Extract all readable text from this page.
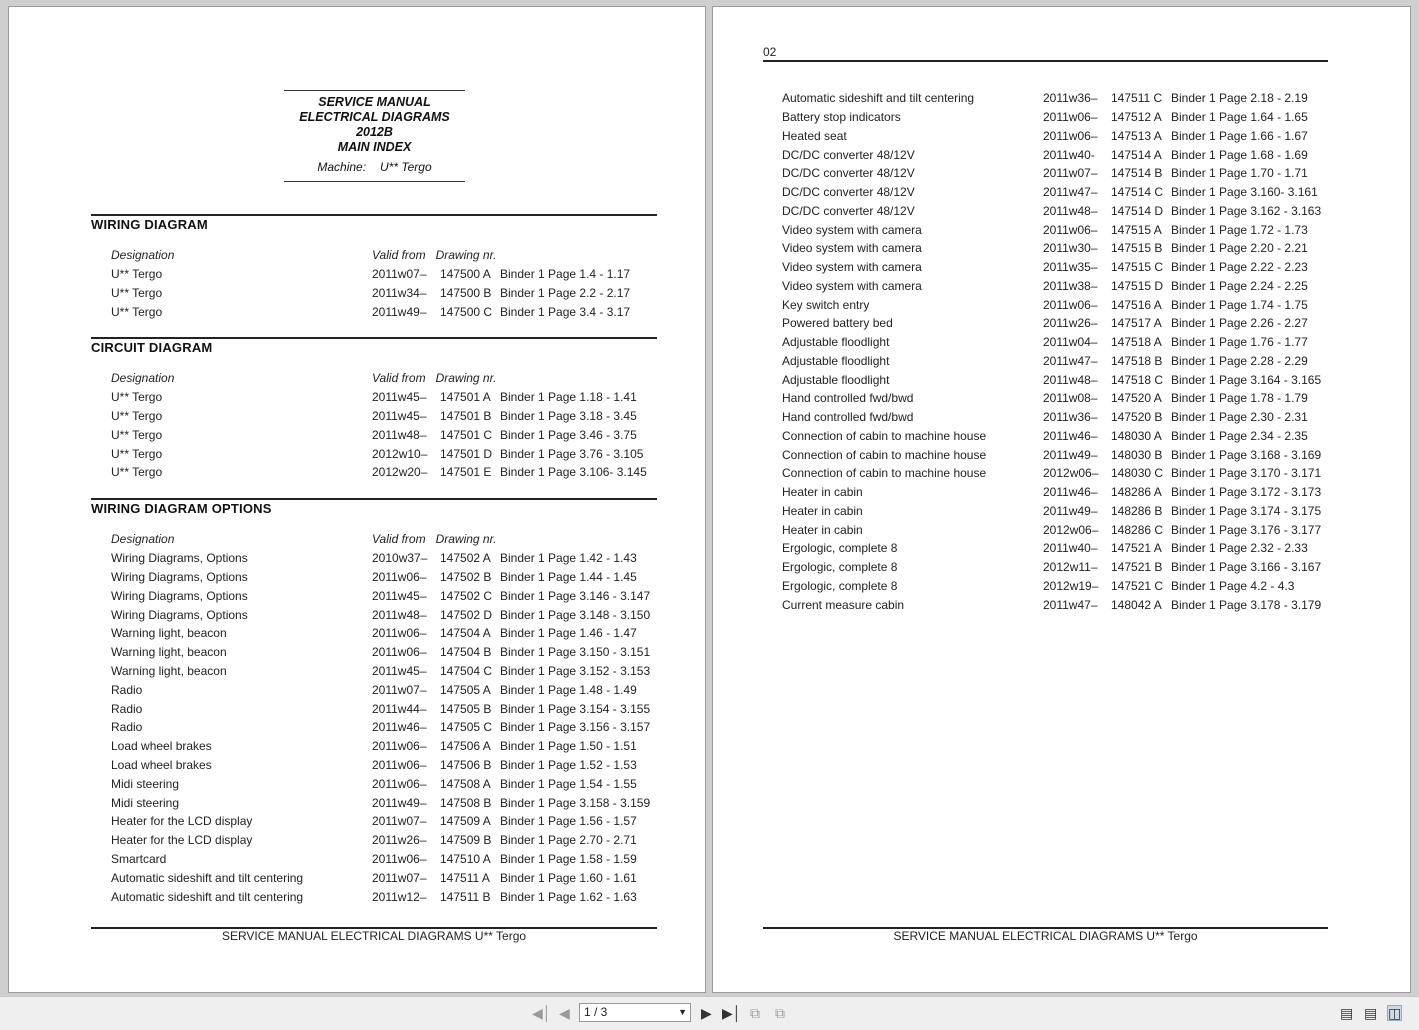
SERVICE MANUAL
ELECTRICAL DIAGRAMS
2012B
MAIN INDEX
Machine: U** Tergo
WIRING DIAGRAM
Designation	Valid from Drawing nr.		
U** Tergo	2011w07–	147500 A	Binder 1 Page 1.4 - 1.17
U** Tergo	2011w34–	147500 B	Binder 1 Page 2.2 - 2.17
U** Tergo	2011w49–	147500 C	Binder 1 Page 3.4 - 3.17
CIRCUIT DIAGRAM
Designation	Valid from Drawing nr.		
U** Tergo	2011w45–	147501 A	Binder 1 Page 1.18 - 1.41
U** Tergo	2011w45–	147501 B	Binder 1 Page 3.18 - 3.45
U** Tergo	2011w48–	147501 C	Binder 1 Page 3.46 - 3.75
U** Tergo	2012w10–	147501 D	Binder 1 Page 3.76 - 3.105
U** Tergo	2012w20–	147501 E	Binder 1 Page 3.106- 3.145
WIRING DIAGRAM OPTIONS
Designation	Valid from Drawing nr.		
Wiring Diagrams, Options	2010w37–	147502 A	Binder 1 Page 1.42 - 1.43
Wiring Diagrams, Options	2011w06–	147502 B	Binder 1 Page 1.44 - 1.45
Wiring Diagrams, Options	2011w45–	147502 C	Binder 1 Page 3.146 - 3.147
Wiring Diagrams, Options	2011w48–	147502 D	Binder 1 Page 3.148 - 3.150
Warning light, beacon	2011w06–	147504 A	Binder 1 Page 1.46 - 1.47
Warning light, beacon	2011w06–	147504 B	Binder 1 Page 3.150 - 3.151
Warning light, beacon	2011w45–	147504 C	Binder 1 Page 3.152 - 3.153
Radio	2011w07–	147505 A	Binder 1 Page 1.48 - 1.49
Radio	2011w44–	147505 B	Binder 1 Page 3.154 - 3.155
Radio	2011w46–	147505 C	Binder 1 Page 3.156 - 3.157
Load wheel brakes	2011w06–	147506 A	Binder 1 Page 1.50 - 1.51
Load wheel brakes	2011w06–	147506 B	Binder 1 Page 1.52 - 1.53
Midi steering	2011w06–	147508 A	Binder 1 Page 1.54 - 1.55
Midi steering	2011w49–	147508 B	Binder 1 Page 3.158 - 3.159
Heater for the LCD display	2011w07–	147509 A	Binder 1 Page 1.56 - 1.57
Heater for the LCD display	2011w26–	147509 B	Binder 1 Page 2.70 - 2.71
Smartcard	2011w06–	147510 A	Binder 1 Page 1.58 - 1.59
Automatic sideshift and tilt centering	2011w07–	147511 A	Binder 1 Page 1.60 - 1.61
Automatic sideshift and tilt centering	2011w12–	147511 B	Binder 1 Page 1.62 - 1.63
SERVICE MANUAL ELECTRICAL DIAGRAMS U** Tergo
02
Automatic sideshift and tilt centering	2011w36–	147511 C	Binder 1 Page 2.18 - 2.19
Battery stop indicators	2011w06–	147512 A	Binder 1 Page 1.64 - 1.65
Heated seat	2011w06–	147513 A	Binder 1 Page 1.66 - 1.67
DC/DC converter 48/12V	2011w40-	147514 A	Binder 1 Page 1.68 - 1.69
DC/DC converter 48/12V	2011w07–	147514 B	Binder 1 Page 1.70 - 1.71
DC/DC converter 48/12V	2011w47–	147514 C	Binder 1 Page 3.160- 3.161
DC/DC converter 48/12V	2011w48–	147514 D	Binder 1 Page 3.162 - 3.163
Video system with camera	2011w06–	147515 A	Binder 1 Page 1.72 - 1.73
Video system with camera	2011w30–	147515 B	Binder 1 Page 2.20 - 2.21
Video system with camera	2011w35–	147515 C	Binder 1 Page 2.22 - 2.23
Video system with camera	2011w38–	147515 D	Binder 1 Page 2.24 - 2.25
Key switch entry	2011w06–	147516 A	Binder 1 Page 1.74 - 1.75
Powered battery bed	2011w26–	147517 A	Binder 1 Page 2.26 - 2.27
Adjustable floodlight	2011w04–	147518 A	Binder 1 Page 1.76 - 1.77
Adjustable floodlight	2011w47–	147518 B	Binder 1 Page 2.28 - 2.29
Adjustable floodlight	2011w48–	147518 C	Binder 1 Page 3.164 - 3.165
Hand controlled fwd/bwd	2011w08–	147520 A	Binder 1 Page 1.78 - 1.79
Hand controlled fwd/bwd	2011w36–	147520 B	Binder 1 Page 2.30 - 2.31
Connection of cabin to machine house	2011w46–	148030 A	Binder 1 Page 2.34 - 2.35
Connection of cabin to machine house	2011w49–	148030 B	Binder 1 Page 3.168 - 3.169
Connection of cabin to machine house	2012w06–	148030 C	Binder 1 Page 3.170 - 3.171
Heater in cabin	2011w46–	148286 A	Binder 1 Page 3.172 - 3.173
Heater in cabin	2011w49–	148286 B	Binder 1 Page 3.174 - 3.175
Heater in cabin	2012w06–	148286 C	Binder 1 Page 3.176 - 3.177
Ergologic, complete 8	2011w40–	147521 A	Binder 1 Page 2.32 - 2.33
Ergologic, complete 8	2012w11–	147521 B	Binder 1 Page 3.166 - 3.167
Ergologic, complete 8	2012w19–	147521 C	Binder 1 Page 4.2 - 4.3
Current measure cabin	2011w47–	148042 A	Binder 1 Page 3.178 - 3.179
SERVICE MANUAL ELECTRICAL DIAGRAMS U** Tergo
◀│ ◀	1 / 3	▼ ▶ ▶│ ⧉ ⧉	▤ ▤ ◫
